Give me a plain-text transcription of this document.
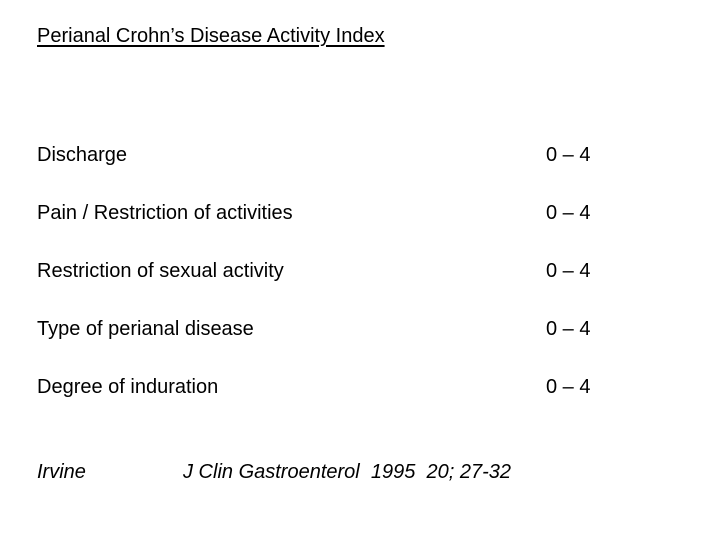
Perianal Crohn’s Disease Activity Index
Discharge	0 – 4
Pain / Restriction of activities	0 – 4
Restriction of sexual activity	0 – 4
Type of perianal disease	0 – 4
Degree of induration	0 – 4
Irvine	J Clin Gastroenterol  1995  20; 27-32
